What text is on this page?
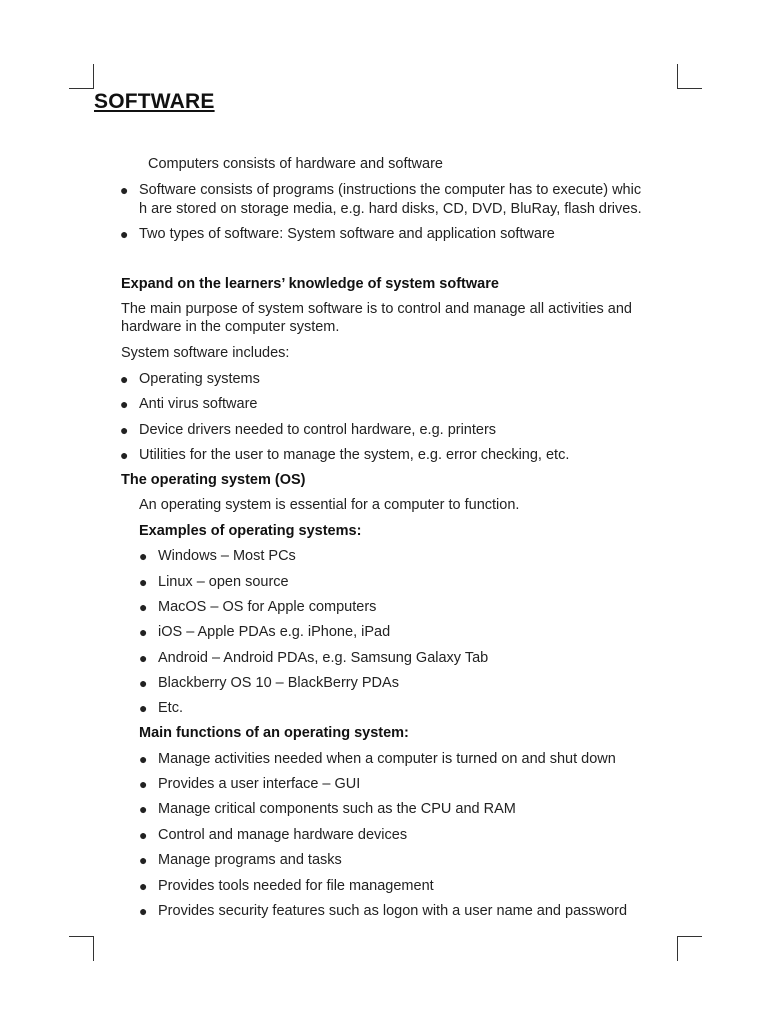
SOFTWARE

Computers consists of hardware and software

● Software consists of programs (instructions the computer has to execute) whic
h are stored on storage media, e.g. hard disks, CD, DVD, BluRay, flash drives.
● Two types of software: System software and application software

Expand on the learners’ knowledge of system software

The main purpose of system software is to control and manage all activities and

hardware in the computer system.

System software includes:

● Operating systems
● Anti virus software
● Device drivers needed to control hardware, e.g. printers
● Utilities for the user to manage the system, e.g. error checking, etc.

The operating system (OS)

An operating system is essential for a computer to function.

Examples of operating systems:

● Windows – Most PCs
● Linux – open source
● MacOS – OS for Apple computers
● iOS – Apple PDAs e.g. iPhone, iPad
● Android – Android PDAs, e.g. Samsung Galaxy Tab
● Blackberry OS 10 – BlackBerry PDAs
● Etc.

Main functions of an operating system:

● Manage activities needed when a computer is turned on and shut down
● Provides a user interface – GUI
● Manage critical components such as the CPU and RAM
● Control and manage hardware devices
● Manage programs and tasks
● Provides tools needed for file management
● Provides security features such as logon with a user name and password
